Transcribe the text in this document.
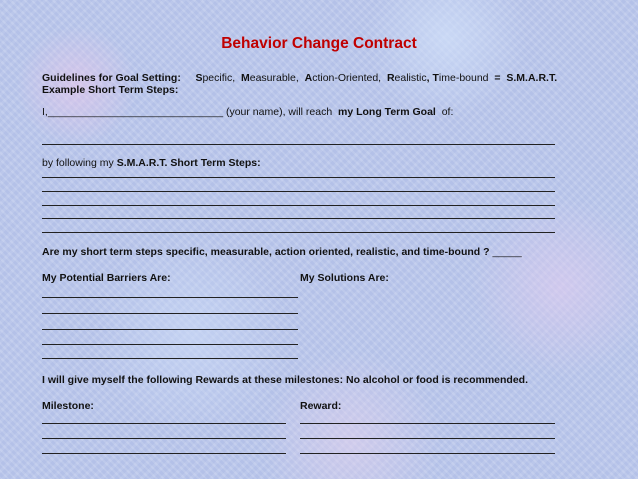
Behavior Change Contract
Guidelines for Goal Setting: Specific, Measurable, Action-Oriented, Realistic, Time-bound = S.M.A.R.T.
Example Short Term Steps:
I,______________________________ (your name), will reach my Long Term Goal of:
by following my S.M.A.R.T. Short Term Steps:
Are my short term steps specific, measurable, action oriented, realistic, and time-bound ? _____
My Potential Barriers Are:	My Solutions Are:
I will give myself the following Rewards at these milestones: No alcohol or food is recommended.
Milestone:	Reward:
